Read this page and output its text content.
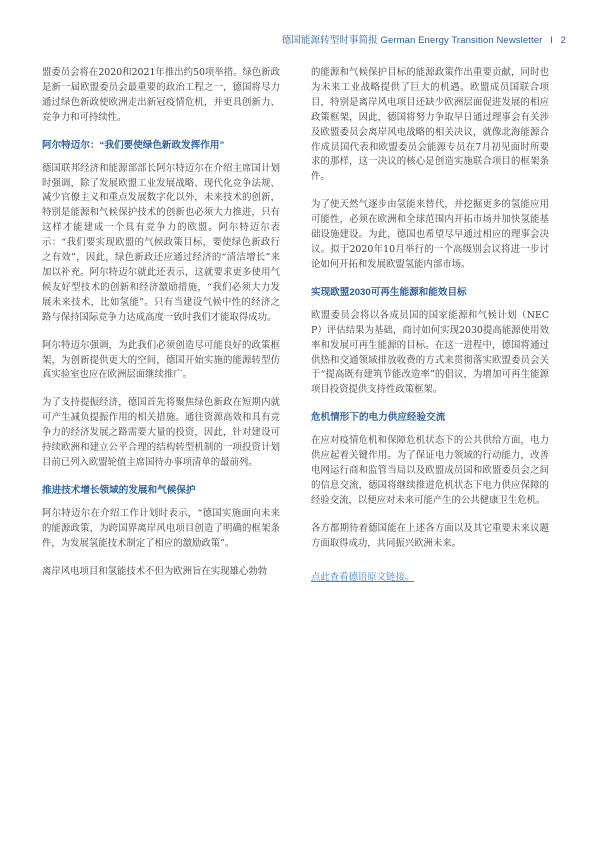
德国能源转型时事简报 German Energy Transition Newsletter I 2

盟委员会将在2020和2021年推出约50项举措。绿色新政是新一届欧盟委员会最重要的政治工程之一，德国将尽力通过绿色新政使欧洲走出新冠疫情危机，并更具创新力、竞争力和可持续性。

阿尔特迈尔：“我们要使绿色新政发挥作用”

德国联邦经济和能源部部长阿尔特迈尔在介绍主席国计划时强调，除了发展欧盟工业发展战略、现代化竞争法规、减少官僚主义和重点发展数字化以外，未来技术的创新，特别是能源和气候保护技术的创新也必须大力推进，只有这样才能建成一个具有竞争力的欧盟。阿尔特迈尔表示：“我们要实现欧盟的气候政策目标，要使绿色新政行之有效”，因此，绿色新政还应通过经济的“清洁增长”来加以补充。阿尔特迈尔就此还表示，这就要求更多使用气候友好型技术的创新和经济激励措施，“我们必须大力发展未来技术，比如氢能”。只有当建设气候中性的经济之路与保持国际竞争力达成高度一致时我们才能取得成功。

阿尔特迈尔强调，为此我们必须创造尽可能良好的政策框架，为创新提供更大的空间，德国开始实施的能源转型仿真实验室也应在欧洲层面继续推广。

为了支持提振经济，德国首先将聚焦绿色新政在短期内就可产生减负提振作用的相关措施。通往资源高效和具有竞争力的经济发展之路需要大量的投资，因此，针对建设可持续欧洲和建立公平合理的结构转型机制的一项投资计划目前已列入欧盟轮值主席国待办事项清单的最前列。

推进技术增长领域的发展和气候保护

阿尔特迈尔在介绍工作计划时表示，“德国实施面向未来的能源政策，为跨国界离岸风电项目创造了明确的框架条件，为发展氢能技术制定了相应的激励政策”。

离岸风电项目和氢能技术不但为欧洲旨在实现雄心勃勃

的能源和气候保护目标的能源政策作出重要贡献，同时也为未来工业战略提供了巨大的机遇。欧盟成员国联合项目，特别是离岸风电项目还缺少欧洲层面促进发展的相应政策框架，因此，德国将努力争取早日通过理事会有关涉及欧盟委员会离岸风电战略的相关决议，就像北海能源合作成员国代表和欧盟委员会能源专员在7月初见面时所要求的那样，这一决议的核心是创造实施联合项目的框架条件。

为了使天然气逐步由氢能来替代，并挖掘更多的氢能应用可能性，必须在欧洲和全球范围内开拓市场并加快氢能基础设施建设。为此，德国也希望尽早通过相应的理事会决议。拟于2020年10月举行的一个高级别会议将进一步讨论如何开拓和发展欧盟氢能内部市场。

实现欧盟2030可再生能源和能效目标

欧盟委员会将以各成员国的国家能源和气候计划（NECP）评估结果为基础，商讨如何实现2030提高能源使用效率和发展可再生能源的目标。在这一进程中，德国将通过供热和交通领域排放收费的方式来贯彻落实欧盟委员会关于“提高既有建筑节能改造率”的倡议，为增加可再生能源项目投资提供支持性政策框架。

危机情形下的电力供应经验交流

在应对疫情危机和保障危机状态下的公共供给方面，电力供应起着关键作用。为了保证电力领域的行动能力，改善电网运行商和监管当局以及欧盟成员国和欧盟委员会之间的信息交流，德国将继续推进危机状态下电力供应保障的经验交流，以便应对未来可能产生的公共健康卫生危机。

各方都期待着德国能在上述各方面以及其它重要未来议题方面取得成功，共同振兴欧洲未来。

点此查看德语原文链接。
